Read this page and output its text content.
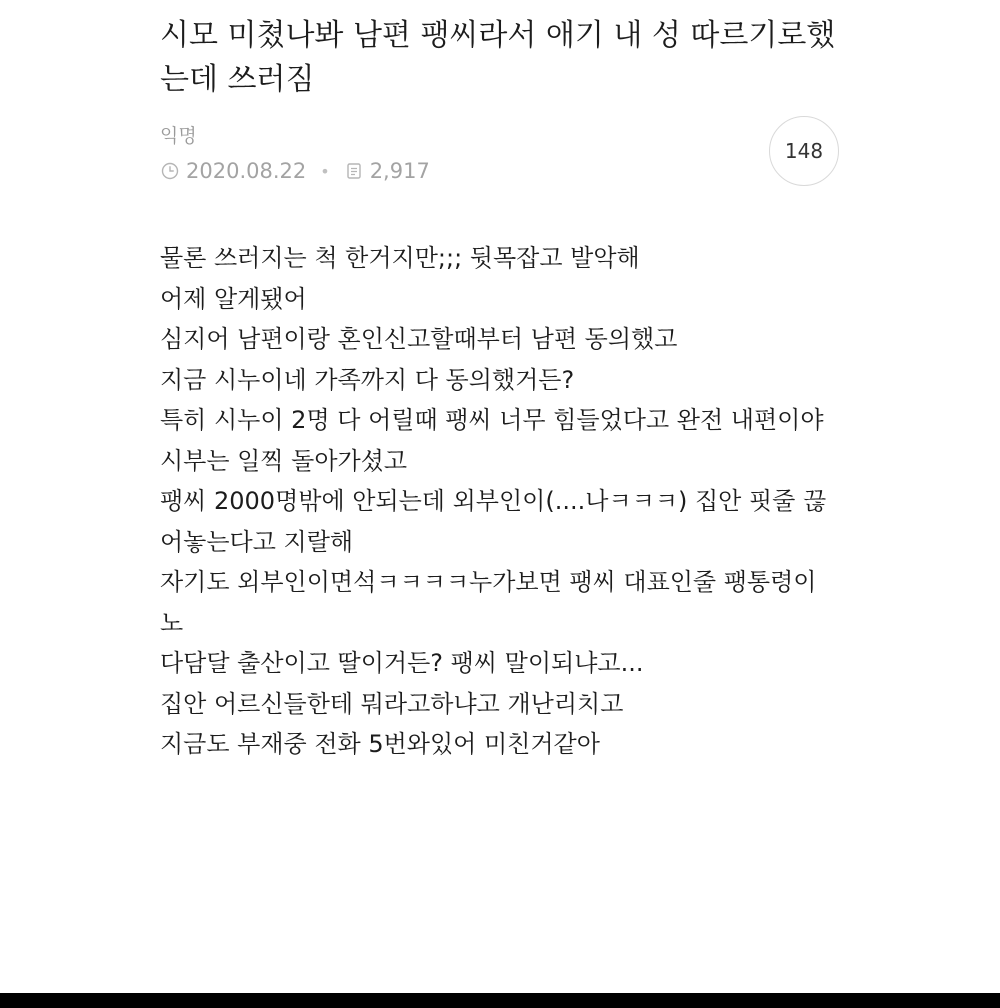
시모 미쳤나봐 남편 팽씨라서 애기 내 성 따르기로했는데 쓰러짐
익명
2020.08.22 • 2,917
148
물론 쓰러지는 척 한거지만;;; 뒷목잡고 발악해
어제 알게됐어
심지어 남편이랑 혼인신고할때부터 남편 동의했고
지금 시누이네 가족까지 다 동의했거든?
특히 시누이 2명 다 어릴때 팽씨 너무 힘들었다고 완전 내편이야
시부는 일찍 돌아가셨고
팽씨 2000명밖에 안되는데 외부인이(....나ㅋㅋㅋ) 집안 핏줄 끊
어놓는다고 지랄해
자기도 외부인이면석ㅋㅋㅋㅋ누가보면 팽씨 대표인줄 팽통령이
노
다담달 출산이고 딸이거든? 팽씨 말이되냐고...
집안 어르신들한테 뭐라고하냐고 개난리치고
지금도 부재중 전화 5번와있어 미친거같아
